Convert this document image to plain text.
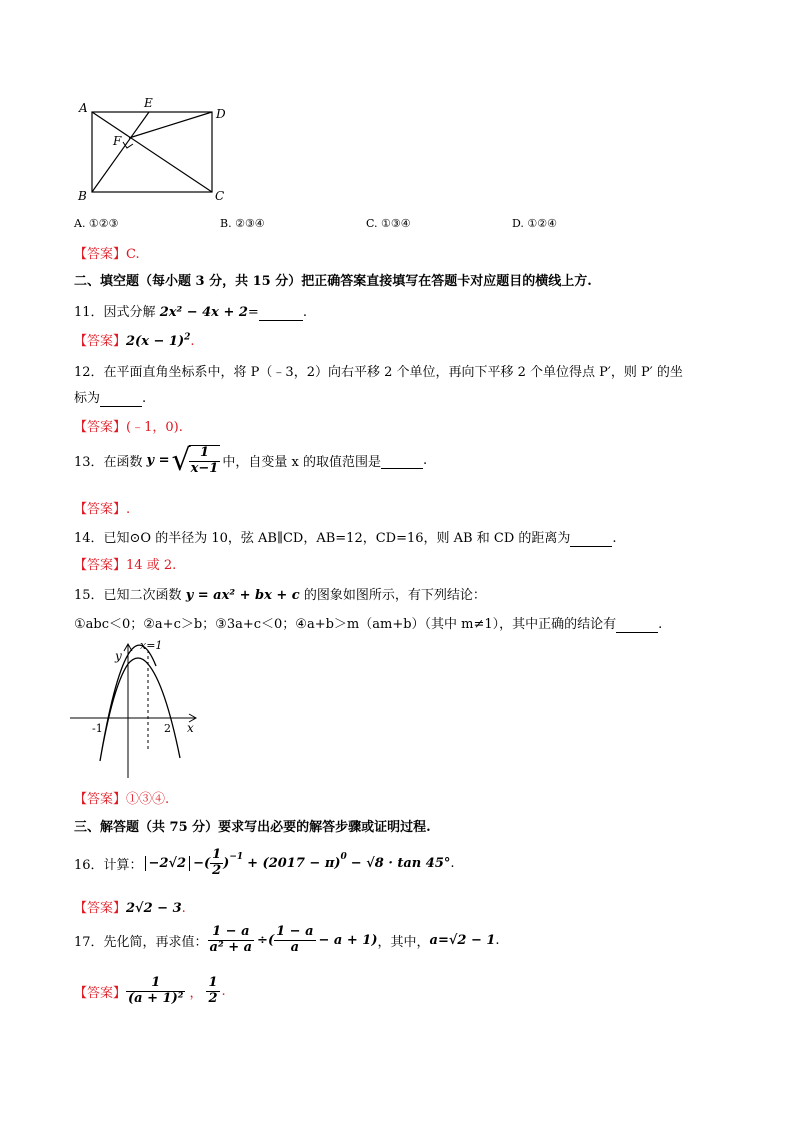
A	E
D
F
B	C
A. ①②③	B. ②③④	C. ①③④	D. ①②④
【答案】C.
二、填空题（每小题 3 分，共 15 分）把正确答案直接填写在答题卡对应题目的横线上方.
11．因式分解 2x² − 4x + 2=	.
【答案】$2(x - 1)^2$.
12．在平面直角坐标系中，将 P（﹣3，2）向右平移 2 个单位，再向下平移 2 个单位得点 P′，则 P′ 的坐
标为	.
【答案】(﹣1，0).
13．在函数 y = √
$\frac{1}{x-1}$ 中，自变量 x 的取值范围是
	.
【答案】.
14．已知⊙O 的半径为 10，弦 AB∥CD，AB=12，CD=16，则 AB 和 CD 的距离为	.
【答案】14 或 2.
15．已知二次函数 y = ax² + bx + c 的图象如图所示，有下列结论：
①abc＜0；②a+c＞b；③3a+c＜0；④a+b＞m（am+b）（其中 m≠1），其中正确的结论有	.
x=1
y
x
-1	2
【答案】①③④.
三、解答题（共 75 分）要求写出必要的解答步骤或证明过程.
16．计算： −2√2 −( $\frac{1}{2}$ ) −1 + (2017 − π) 0 − √8 · tan 45° .
【答案】2√2 − 3.
17．先化简，再求值： $\frac{1 - a}{\text{a² + a}}$ ÷( $\frac{1 - a}{a} - a + 1$) ，其中， a=√2 − 1 .
【答案】 $\frac{1}{\text{(a + 1)²}}$ ， $\frac{1}{2}$ .
